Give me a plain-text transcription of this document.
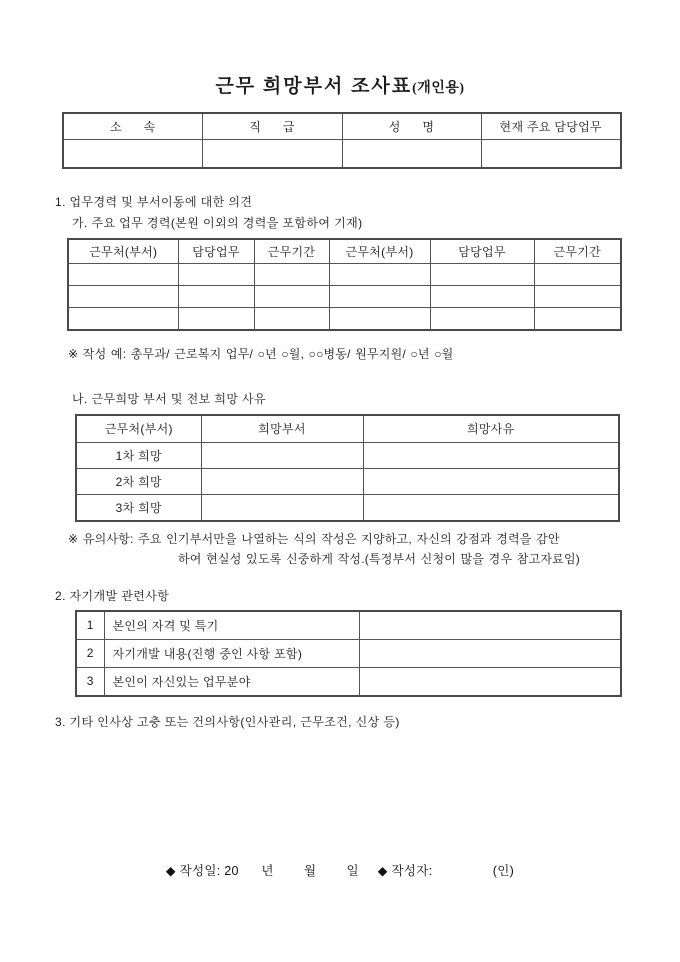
근무 희망부서 조사표(개인용)
소      속	직      급	성      명	현재 주요 담당업무

1. 업무경력 및 부서이동에 대한 의견
가. 주요 업무 경력(본원 이외의 경력을 포함하여 기재)
근무처(부서)	담당업무	근무기간	근무처(부서)	담당업무	근무기간

※ 작성 예: 총무과/ 근로복지 업무/ ○년 ○월, ○○병동/ 원무지원/ ○년 ○월
나. 근무희망 부서 및 전보 희망 사유
근무처(부서)	희망부서	희망사유
1차 희망		
2차 희망		
3차 희망		
※ 유의사항: 주요 인기부서만을 나열하는 식의 작성은 지양하고, 자신의 강점과 경력을 감안
하여 현실성 있도록 신중하게 작성.(특정부서 신청이 많을 경우 참고자료임)
2. 자기개발 관련사항
1	본인의 자격 및 특기	
2	자기개발 내용(진행 중인 사항 포함)	
3	본인이 자신있는 업무분야	
3. 기타 인사상 고충 또는 건의사항(인사관리, 근무조건, 신상 등)
◆ 작성일: 20      년        월        일 ◆ 작성자:	(인)
